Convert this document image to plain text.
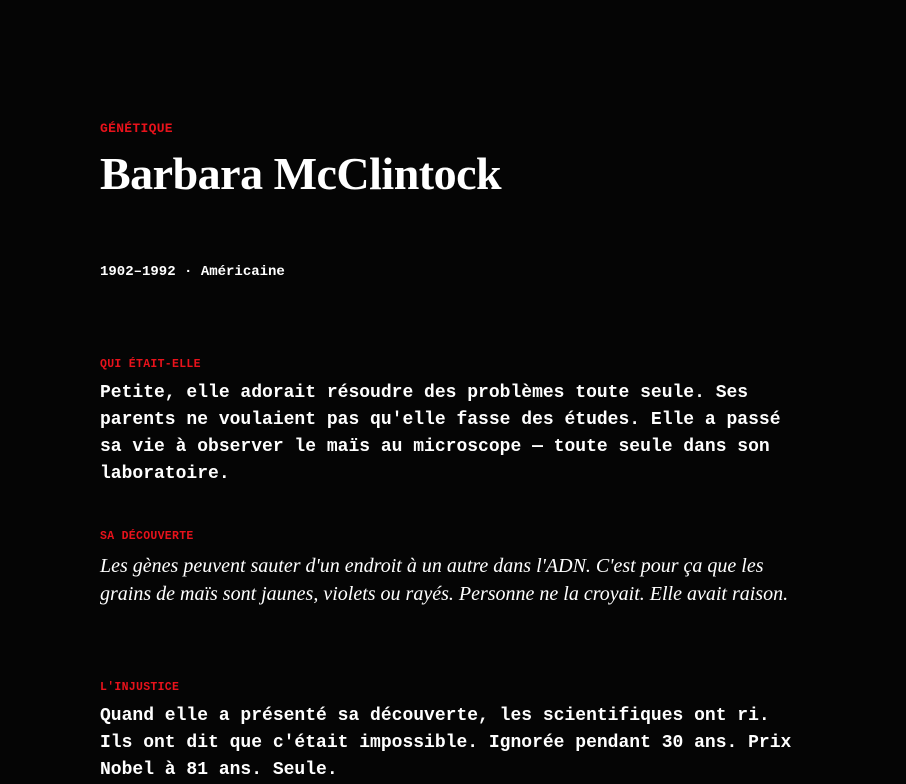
GÉNÉTIQUE

Barbara McClintock

1902–1992 · Américaine

QUI ÉTAIT-ELLE

Petite, elle adorait résoudre des problèmes toute seule. Ses parents ne voulaient pas qu'elle fasse des études. Elle a passé sa vie à observer le maïs au microscope — toute seule dans son laboratoire.

SA DÉCOUVERTE

Les gènes peuvent sauter d'un endroit à un autre dans l'ADN. C'est pour ça que les grains de maïs sont jaunes, violets ou rayés. Personne ne la croyait. Elle avait raison.

L'INJUSTICE

Quand elle a présenté sa découverte, les scientifiques ont ri. Ils ont dit que c'était impossible. Ignorée pendant 30 ans. Prix Nobel à 81 ans. Seule.
